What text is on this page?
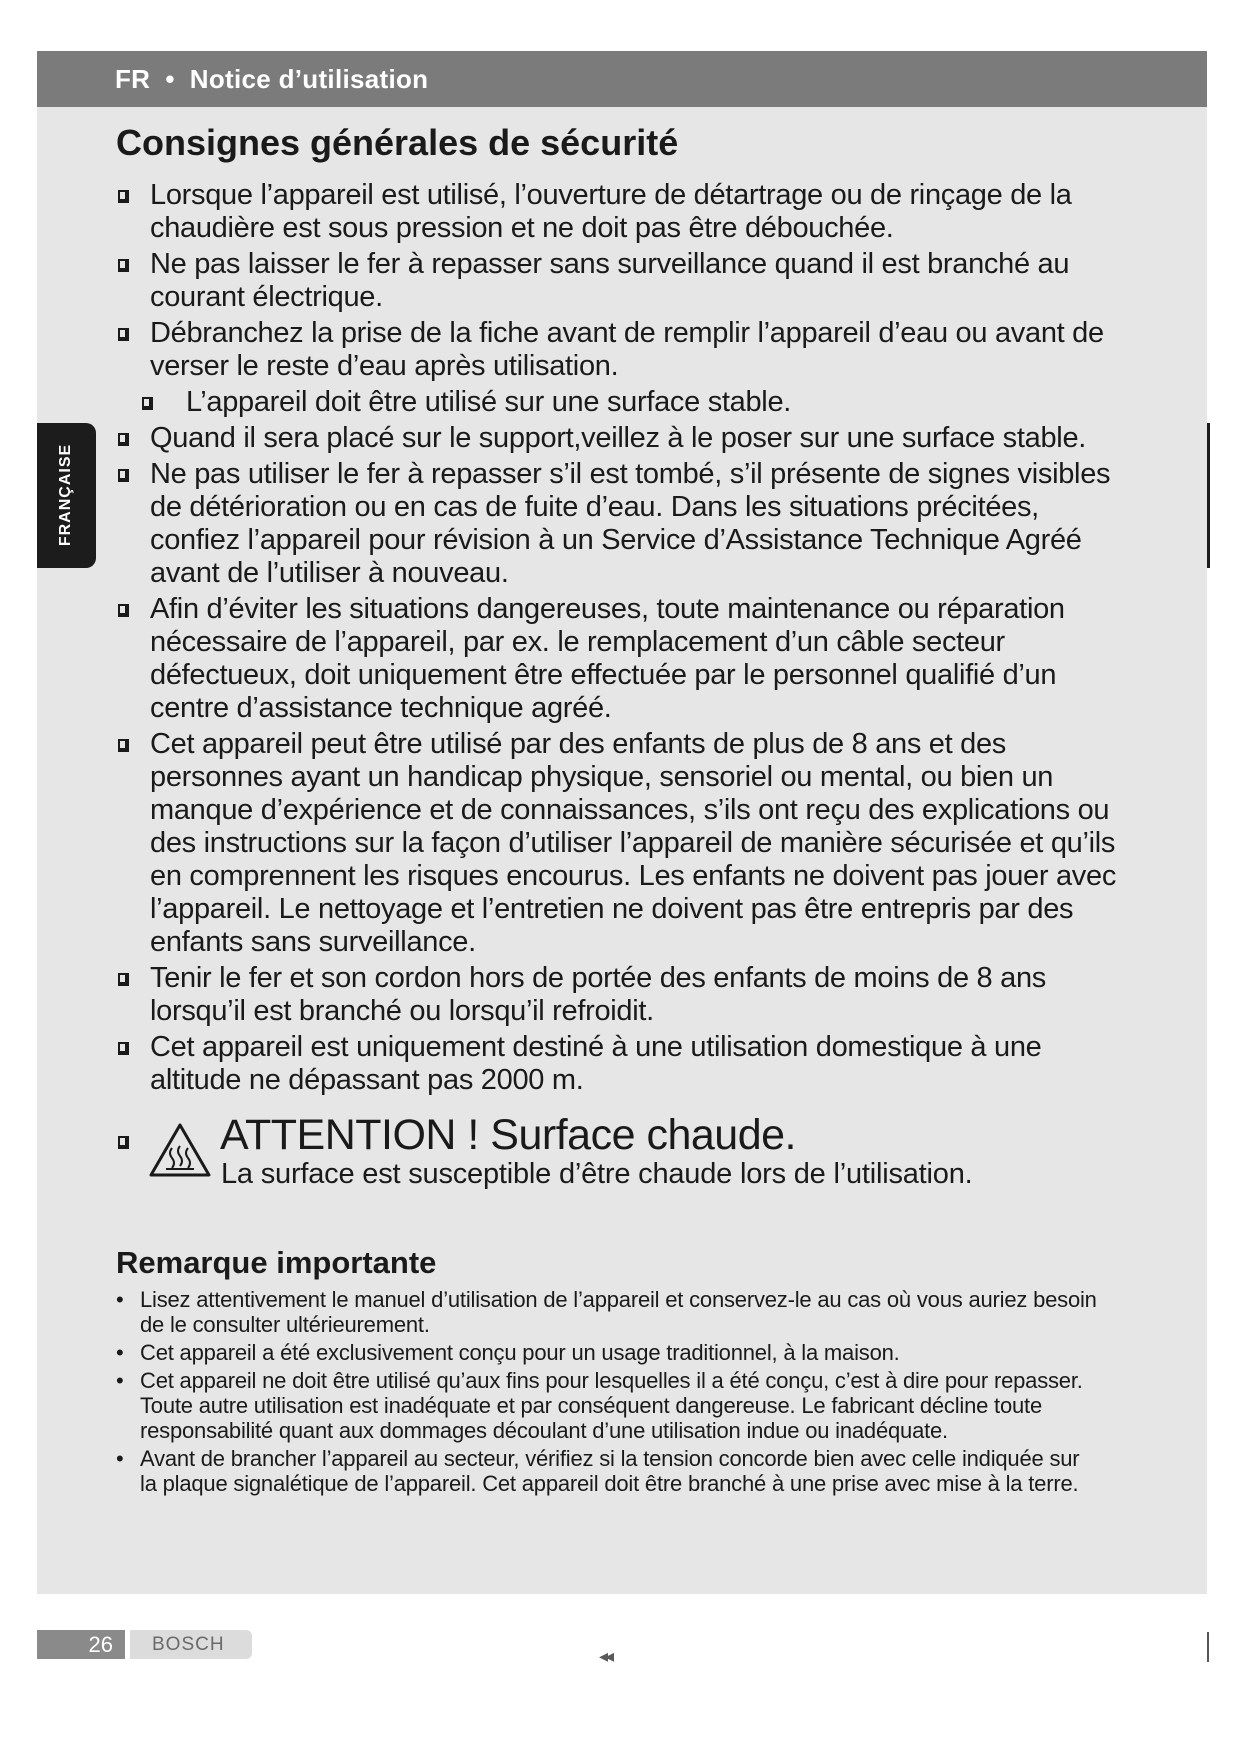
FR • Notice d’utilisation
FRANÇAISE
Consignes générales de sécurité
Lorsque l’appareil est utilisé, l’ouverture de détartrage ou de rinçage de la chaudière est sous pression et ne doit pas être débouchée.
Ne pas laisser le fer à repasser sans surveillance quand il est branché au courant électrique.
Débranchez la prise de la fiche avant de remplir l’appareil d’eau ou avant de verser le reste d’eau après utilisation.
L’appareil doit être utilisé sur une surface stable.
Quand il sera placé sur le support,veillez à le poser sur une surface stable.
Ne pas utiliser le fer à repasser s’il est tombé, s’il présente de signes visibles de détérioration ou en cas de fuite d’eau. Dans les situations précitées, confiez l’appareil pour révision à un Service d’Assistance Technique Agréé avant de l’utiliser à nouveau.
Afin d’éviter les situations dangereuses, toute maintenance ou réparation nécessaire de l’appareil, par ex. le remplacement d’un câble secteur défectueux, doit uniquement être effectuée par le personnel qualifié d’un centre d’assistance technique agréé.
Cet appareil peut être utilisé par des enfants de plus de 8 ans et des personnes ayant un handicap physique, sensoriel ou mental, ou bien un manque d’expérience et de connaissances, s’ils ont reçu des explications ou des instructions sur la façon d’utiliser l’appareil de manière sécurisée et qu’ils en comprennent les risques encourus. Les enfants ne doivent pas jouer avec l’appareil. Le nettoyage et l’entretien ne doivent pas être entrepris par des enfants sans surveillance.
Tenir le fer et son cordon hors de portée des enfants de moins de 8 ans lorsqu’il est branché ou lorsqu’il refroidit.
Cet appareil est uniquement destiné à une utilisation domestique à une altitude ne dépassant pas 2000 m.
ATTENTION ! Surface chaude.
La surface est susceptible d’être chaude lors de l’utilisation.
Remarque importante
• Lisez attentivement le manuel d’utilisation de l’appareil et conservez-le au cas où vous auriez besoin de le consulter ultérieurement.
• Cet appareil a été exclusivement conçu pour un usage traditionnel, à la maison.
• Cet appareil ne doit être utilisé qu’aux fins pour lesquelles il a été conçu, c’est à dire pour repasser. Toute autre utilisation est inadéquate et par conséquent dangereuse. Le fabricant décline toute responsabilité quant aux dommages découlant d’une utilisation indue ou inadéquate.
• Avant de brancher l’appareil au secteur, vérifiez si la tension concorde bien avec celle indiquée sur la plaque signalétique de l’appareil. Cet appareil doit être branché à une prise avec mise à la terre.
26	BOSCH
◂◂
